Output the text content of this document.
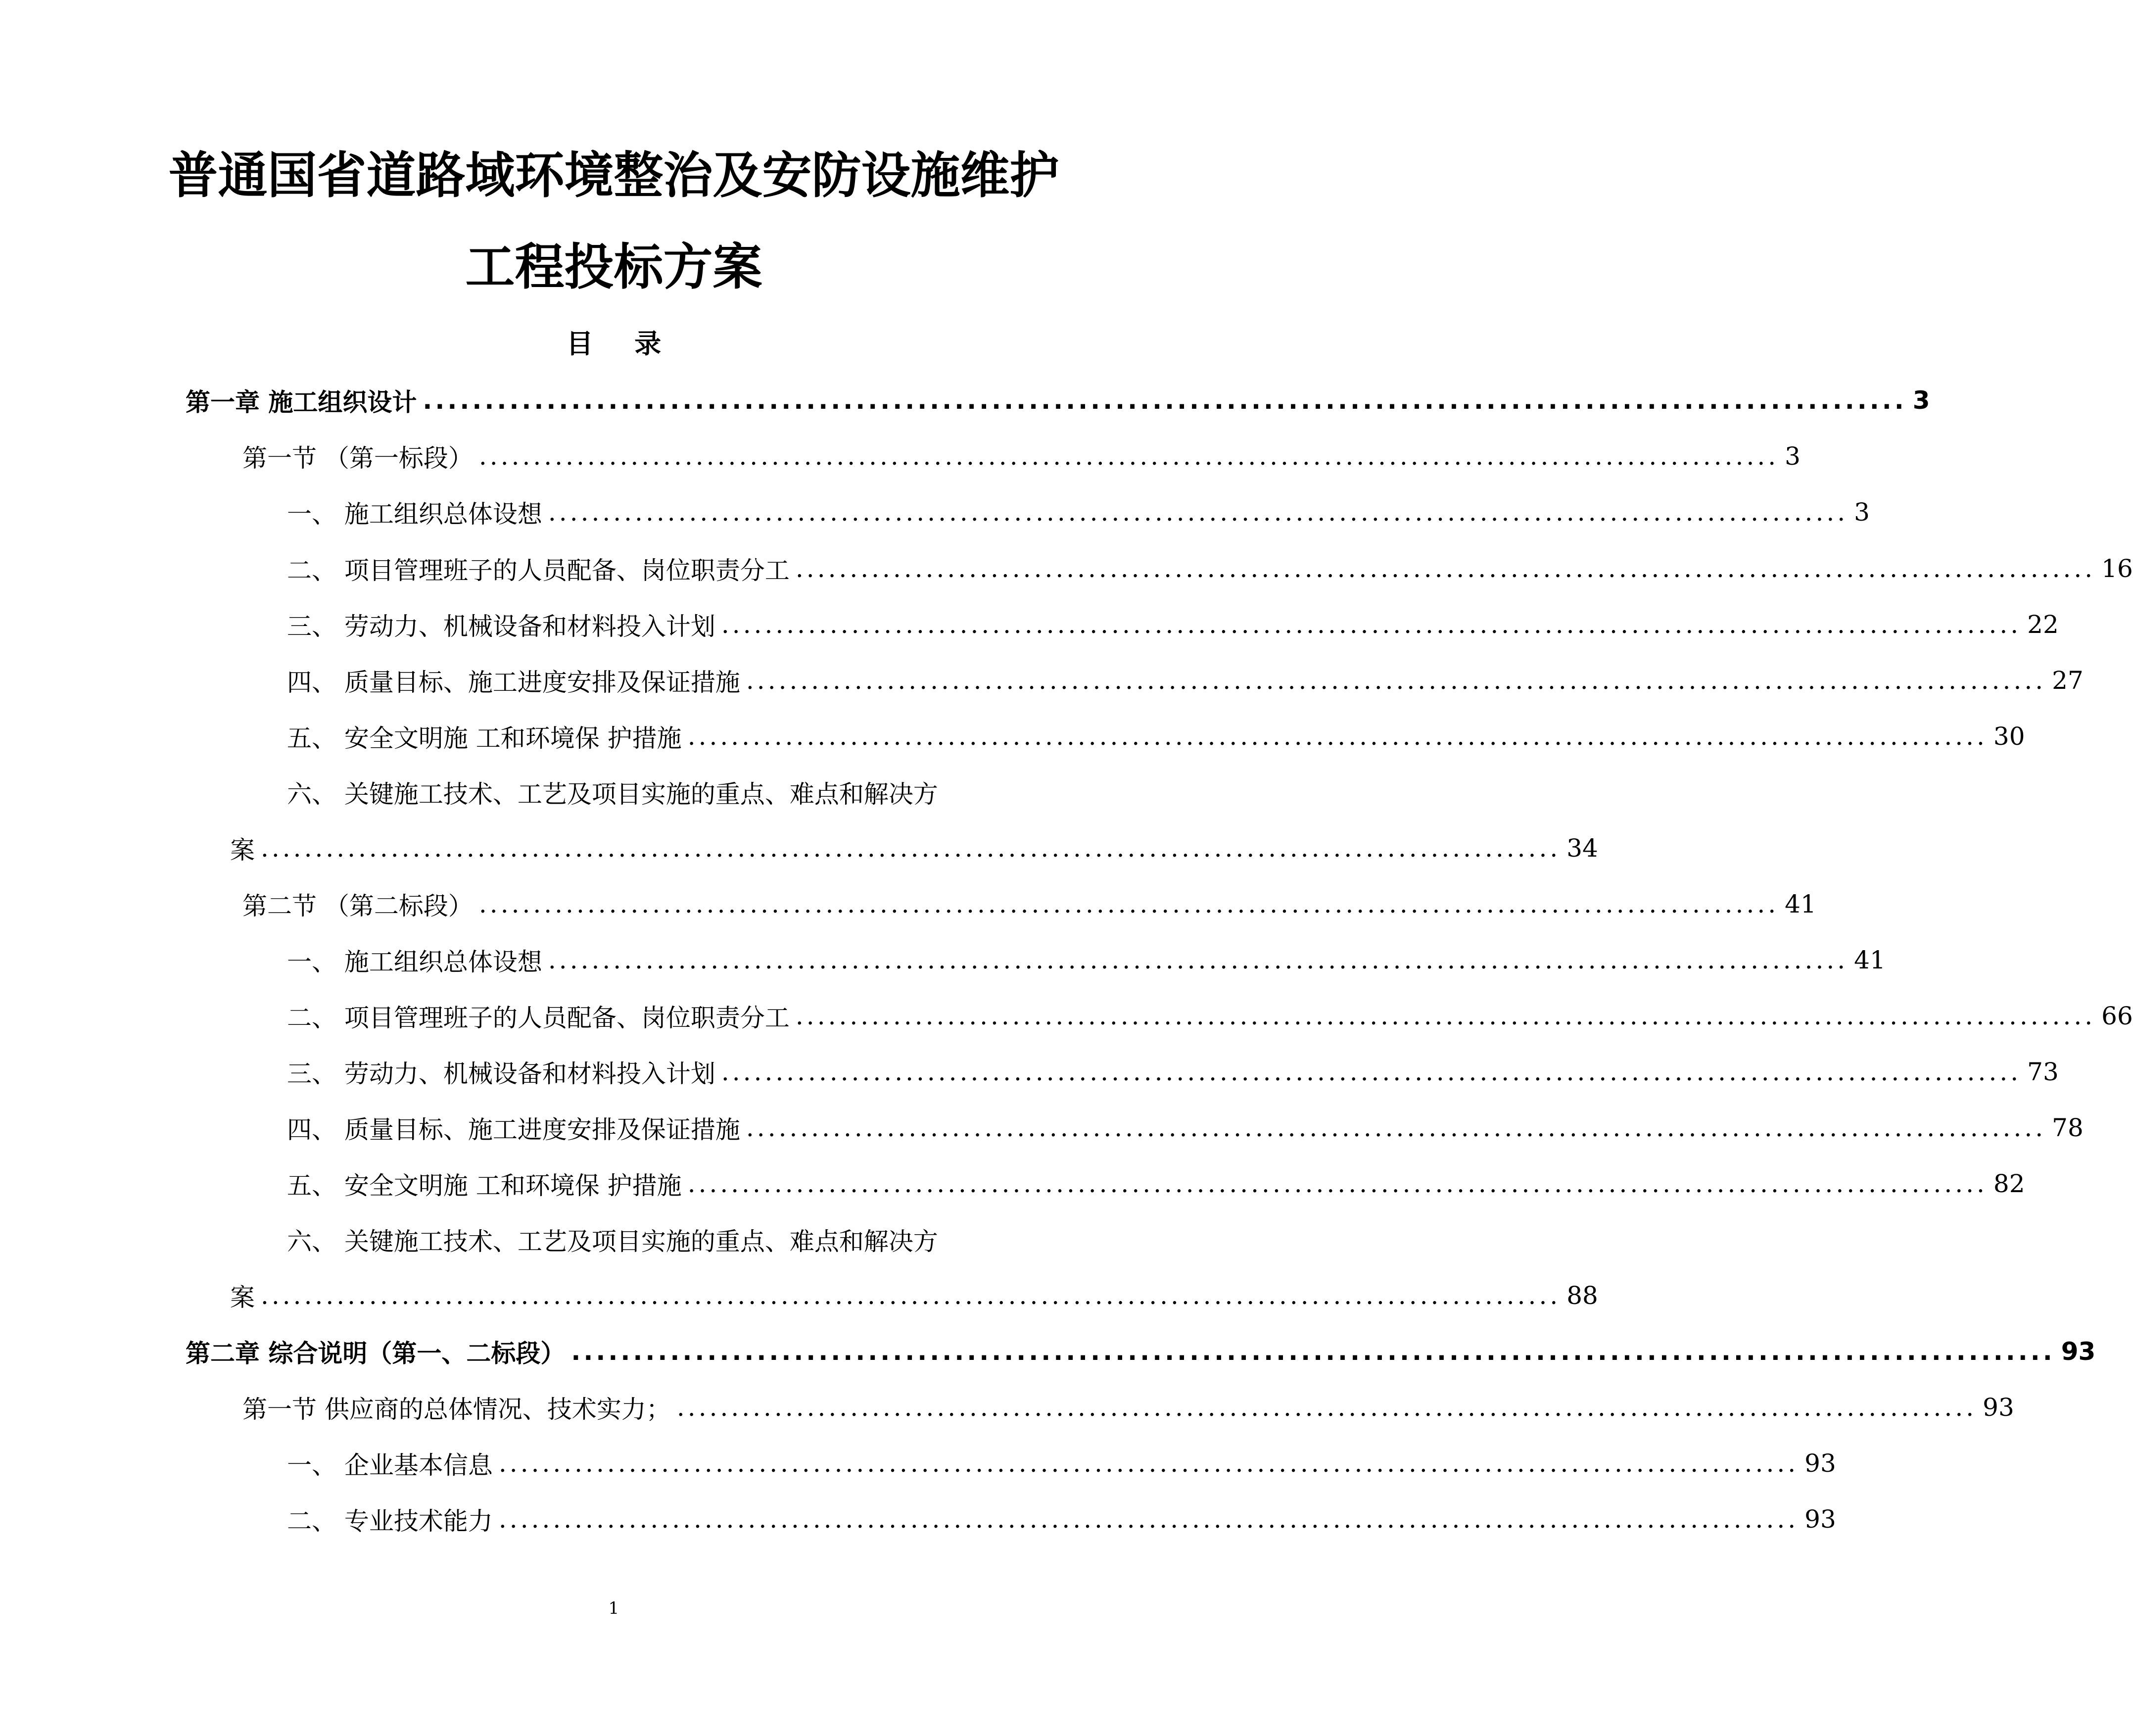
普通国省道路域环境整治及安防设施维护
工程投标方案
目 录
第一章 施工组织设计 ........................................................................................................................ 3
第一节 （第一标段） ........................................................................................................................ 3
一、 施工组织总体设想 ........................................................................................................................ 3
二、 项目管理班子的人员配备、岗位职责分工 ........................................................................................................................ 16
三、 劳动力、机械设备和材料投入计划 ........................................................................................................................ 22
四、 质量目标、施工进度安排及保证措施 ........................................................................................................................ 27
五、 安全文明施 工和环境保 护措施 ........................................................................................................................ 30
六、 关键施工技术、工艺及项目实施的重点、难点和解决方
案 ........................................................................................................................ 34
第二节 （第二标段） ........................................................................................................................ 41
一、 施工组织总体设想 ........................................................................................................................ 41
二、 项目管理班子的人员配备、岗位职责分工 ........................................................................................................................ 66
三、 劳动力、机械设备和材料投入计划 ........................................................................................................................ 73
四、 质量目标、施工进度安排及保证措施 ........................................................................................................................ 78
五、 安全文明施 工和环境保 护措施 ........................................................................................................................ 82
六、 关键施工技术、工艺及项目实施的重点、难点和解决方
案 ........................................................................................................................ 88
第二章 综合说明（第一、二标段） ........................................................................................................................ 93
第一节 供应商的总体情况、技术实力； ........................................................................................................................ 93
一、 企业基本信息 ........................................................................................................................ 93
二、 专业技术能力 ........................................................................................................................ 93
1
